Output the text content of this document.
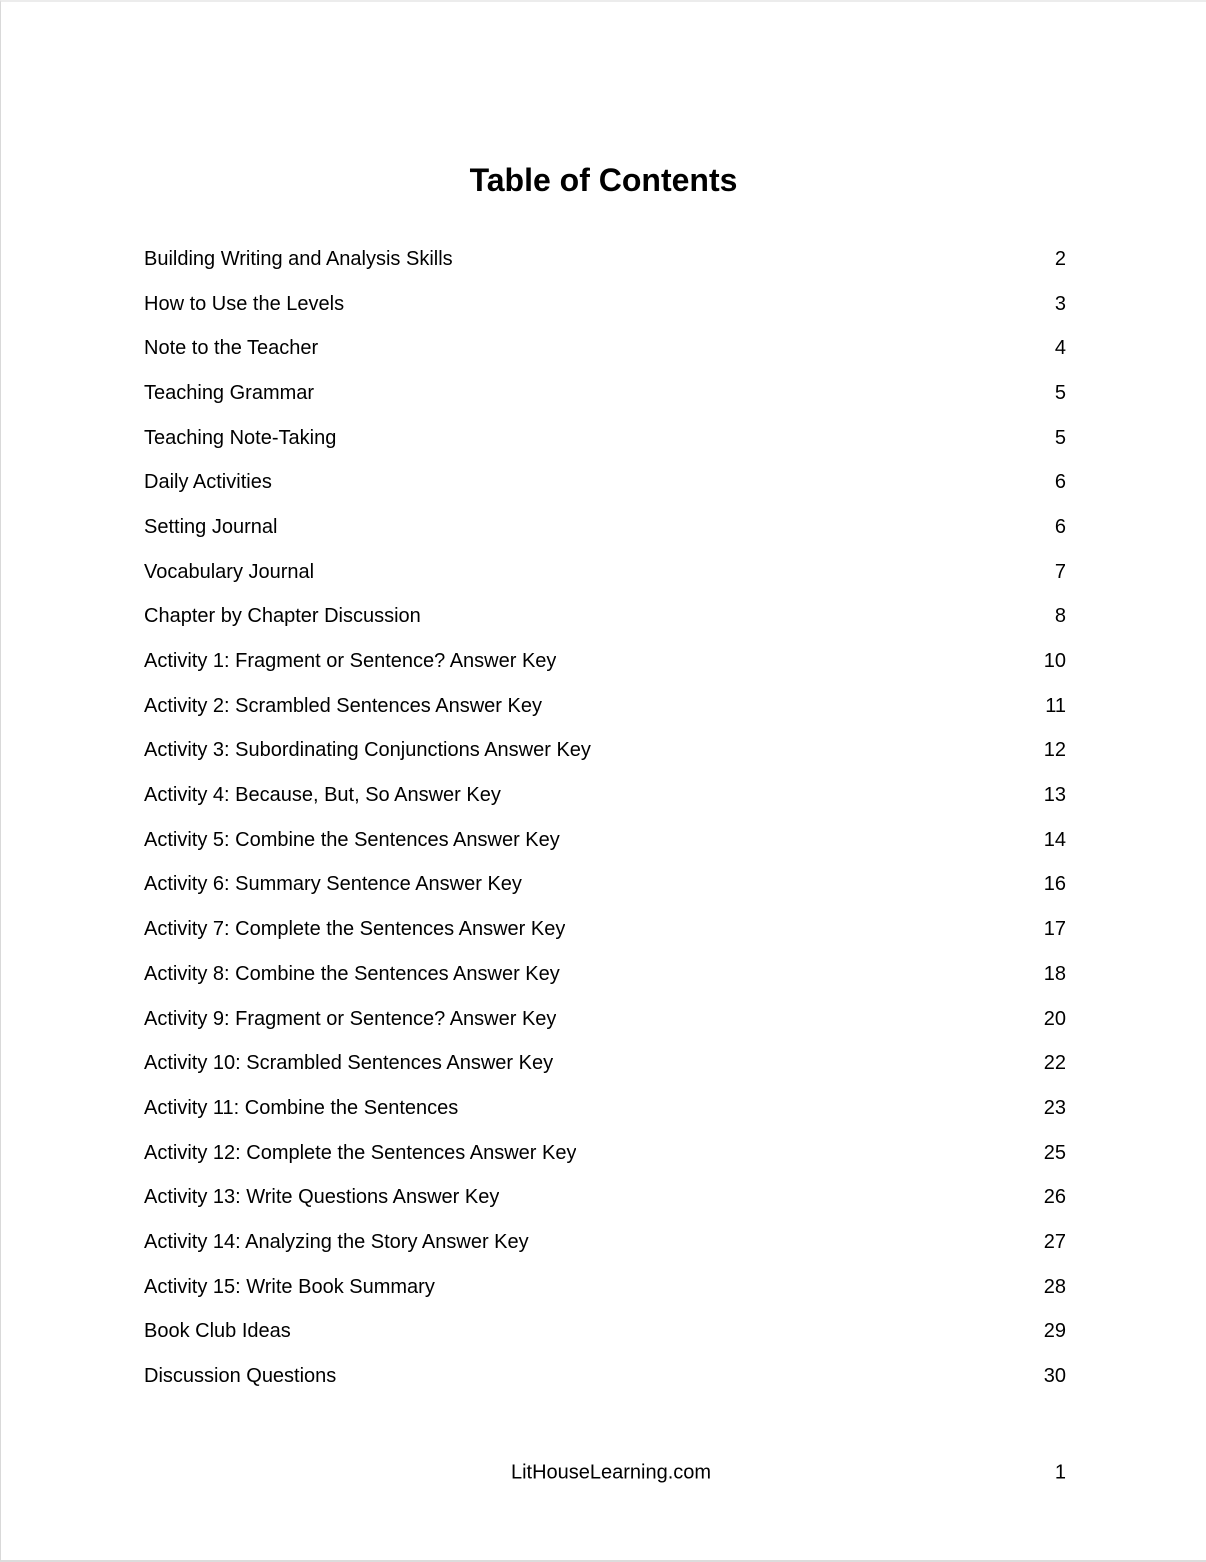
Table of Contents
Building Writing and Analysis Skills	2
How to Use the Levels	3
Note to the Teacher	4
Teaching Grammar	5
Teaching Note-Taking	5
Daily Activities	6
Setting Journal	6
Vocabulary Journal	7
Chapter by Chapter Discussion	8
Activity 1: Fragment or Sentence? Answer Key	10
Activity 2: Scrambled Sentences Answer Key	11
Activity 3: Subordinating Conjunctions Answer Key	12
Activity 4: Because, But, So Answer Key	13
Activity 5: Combine the Sentences Answer Key	14
Activity 6: Summary Sentence Answer Key	16
Activity 7: Complete the Sentences Answer Key	17
Activity 8: Combine the Sentences Answer Key	18
Activity 9: Fragment or Sentence? Answer Key	20
Activity 10: Scrambled Sentences Answer Key	22
Activity 11: Combine the Sentences	23
Activity 12: Complete the Sentences Answer Key	25
Activity 13: Write Questions Answer Key	26
Activity 14: Analyzing the Story Answer Key	27
Activity 15: Write Book Summary	28
Book Club Ideas	29
Discussion Questions	30
LitHouseLearning.com	1
